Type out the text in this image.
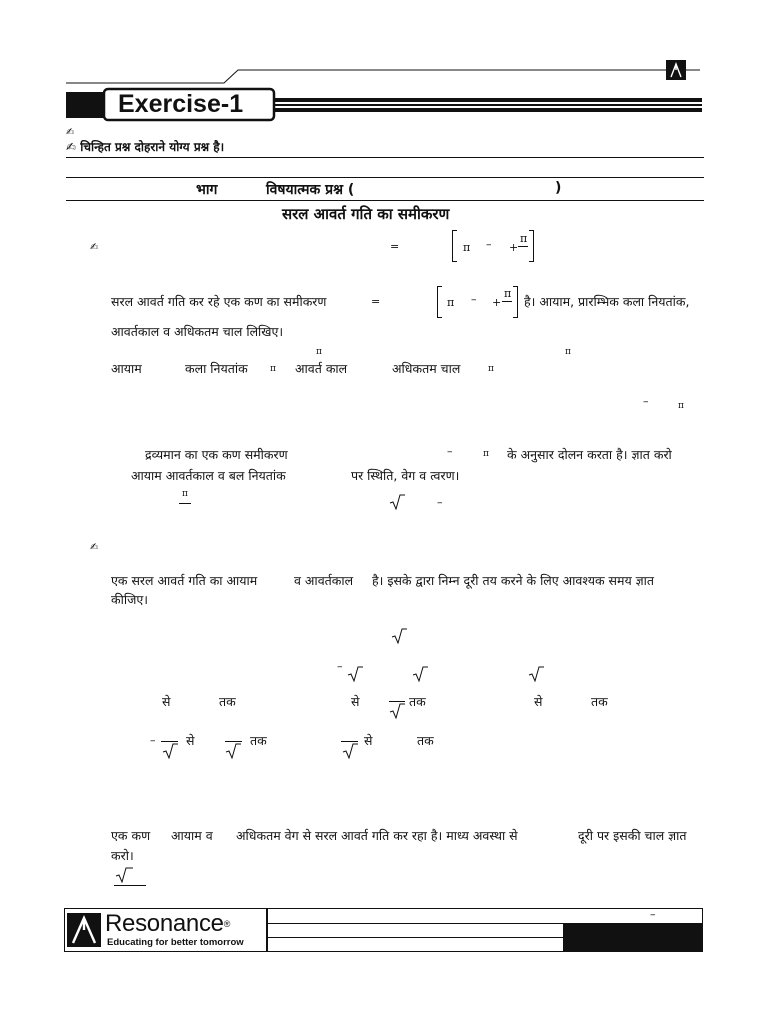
Exercise-1
✍
✍ चिन्हित प्रश्न दोहराने योग्य प्रश्न है।
भाग	विषयात्मक प्रश्न (	)
सरल आवर्त गति का समीकरण
✍	=	π – +
π
सरल आवर्त गति कर रहे एक कण का समीकरण	=	π – +
π
है। आयाम, प्रारम्भिक कला नियतांक,
आवर्तकाल व अधिकतम चाल लिखिए।
π	π
आयाम	कला नियतांक π आवर्त काल	अधिकतम चाल	π
–	π
द्रव्यमान का एक कण समीकरण	–	π के अनुसार दोलन करता है। ज्ञात करो
आयाम आवर्तकाल व बल नियतांक	पर स्थिति, वेग व त्वरण।
π
–
✍
एक सरल आवर्त गति का आयाम	व आवर्तकाल है। इसके द्वारा निम्न दूरी तय करने के लिए आवश्यक समय ज्ञात
कीजिए।
–
से	तक	से	तक	से	तक
– से	तक	से	तक
एक कण आयाम व अधिकतम वेग से सरल आवर्त गति कर रहा है। माध्य अवस्था से	दूरी पर इसकी चाल ज्ञात
करो।
–
Resonance®
Educating for better tomorrow
